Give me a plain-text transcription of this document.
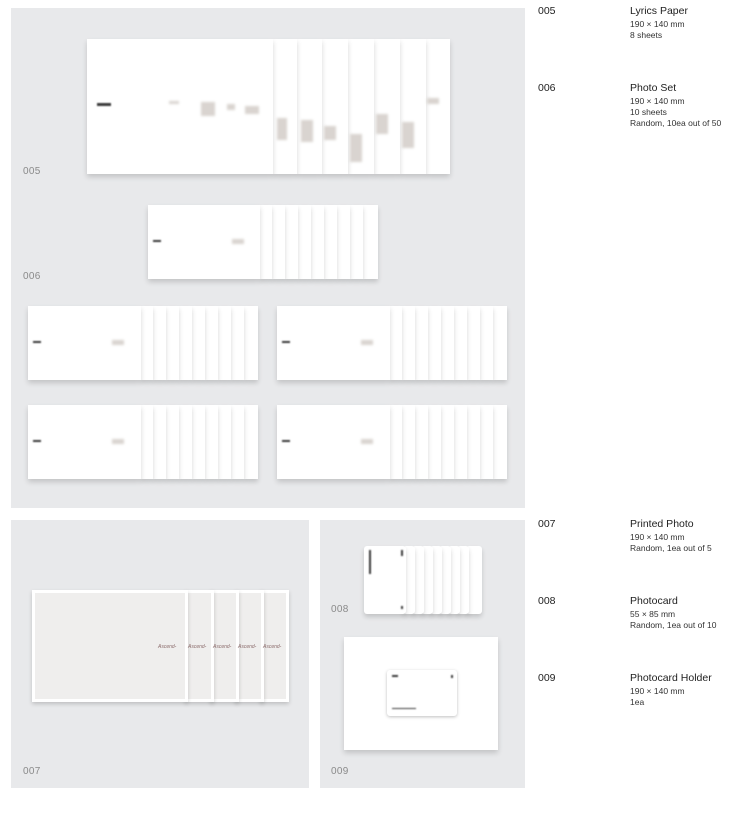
005
006
Ascend- Ascend- Ascend- Ascend- Ascend-
007
008
009
005	Lyrics Paper
190 × 140 mm
8 sheets
006	Photo Set
190 × 140 mm
10 sheets
Random, 10ea out of 50
007	Printed Photo
190 × 140 mm
Random, 1ea out of 5
008	Photocard
55 × 85 mm
Random, 1ea out of 10
009	Photocard Holder
190 × 140 mm
1ea
